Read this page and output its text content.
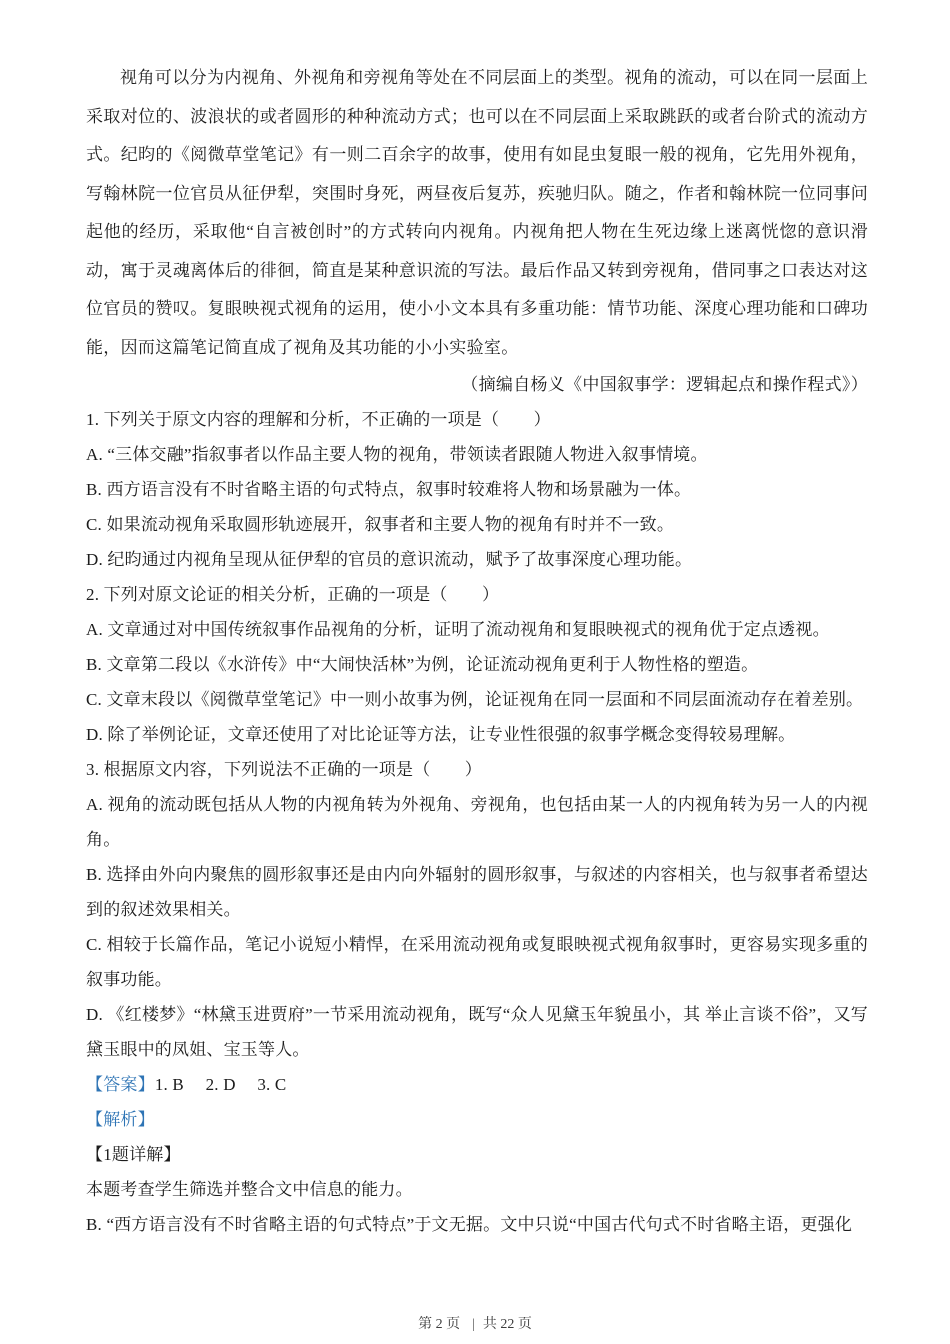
视角可以分为内视角、外视角和旁视角等处在不同层面上的类型。视角的流动，可以在同一层面上采取对位的、波浪状的或者圆形的种种流动方式；也可以在不同层面上采取跳跃的或者台阶式的流动方式。纪昀的《阅微草堂笔记》有一则二百余字的故事，使用有如昆虫复眼一般的视角，它先用外视角，写翰林院一位官员从征伊犁，突围时身死，两昼夜后复苏，疾驰归队。随之，作者和翰林院一位同事问起他的经历，采取他“自言被创时”的方式转向内视角。内视角把人物在生死边缘上迷离恍惚的意识滑动，寓于灵魂离体后的徘徊，简直是某种意识流的写法。最后作品又转到旁视角，借同事之口表达对这位官员的赞叹。复眼映视式视角的运用，使小小文本具有多重功能：情节功能、深度心理功能和口碑功能，因而这篇笔记简直成了视角及其功能的小小实验室。

（摘编自杨义《中国叙事学：逻辑起点和操作程式》）

1. 下列关于原文内容的理解和分析，不正确的一项是（　　）

A. “三体交融”指叙事者以作品主要人物的视角，带领读者跟随人物进入叙事情境。

B. 西方语言没有不时省略主语的句式特点，叙事时较难将人物和场景融为一体。

C. 如果流动视角采取圆形轨迹展开，叙事者和主要人物的视角有时并不一致。

D. 纪昀通过内视角呈现从征伊犁的官员的意识流动，赋予了故事深度心理功能。

2. 下列对原文论证的相关分析，正确的一项是（　　）

A. 文章通过对中国传统叙事作品视角的分析，证明了流动视角和复眼映视式的视角优于定点透视。

B. 文章第二段以《水浒传》中“大闹快活林”为例，论证流动视角更利于人物性格的塑造。

C. 文章末段以《阅微草堂笔记》中一则小故事为例，论证视角在同一层面和不同层面流动存在着差别。

D. 除了举例论证，文章还使用了对比论证等方法，让专业性很强的叙事学概念变得较易理解。

3. 根据原文内容，下列说法不正确的一项是（　　）

A. 视角的流动既包括从人物的内视角转为外视角、旁视角，也包括由某一人的内视角转为另一人的内视角。

B. 选择由外向内聚焦的圆形叙事还是由内向外辐射的圆形叙事，与叙述的内容相关，也与叙事者希望达到的叙述效果相关。

C. 相较于长篇作品，笔记小说短小精悍，在采用流动视角或复眼映视式视角叙事时，更容易实现多重的叙事功能。

D. 《红楼梦》“林黛玉进贾府”一节采用流动视角，既写“众人见黛玉年貌虽小，其 举止言谈不俗”，又写黛玉眼中的凤姐、宝玉等人。

【答案】1. B　 2. D　 3. C

【解析】

【1题详解】

本题考查学生筛选并整合文中信息的能力。

B. “西方语言没有不时省略主语的句式特点”于文无据。文中只说“中国古代句式不时省略主语，更强化

第 2 页 | 共 22 页
